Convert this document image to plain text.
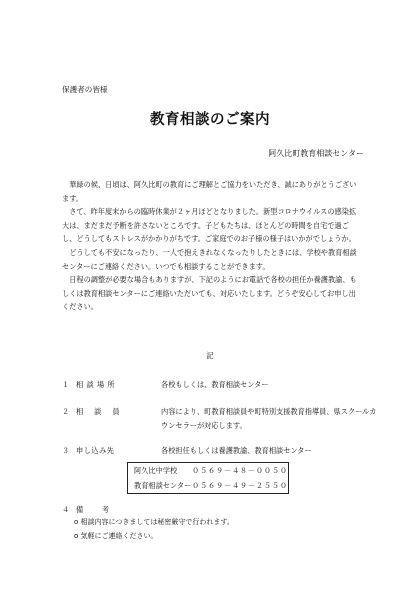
保護者の皆様
教育相談のご案内
阿久比町教育相談センター

華緑の候、日頃は、阿久比町の教育にご理解とご協力をいただき、誠にありがとうございます。

さて、昨年度末からの臨時休業が２ヶ月ほどとなりました。新型コロナウイルスの感染拡大は、まだまだ予断を許さないところです。子どもたちは、ほとんどの時間を自宅で過ごし、どうしてもストレスがかかりがちです。ご家庭でのお子様の様子はいかがでしょうか。

どうしても不安になったり、一人で抱えきれなくなったりしたときには、学校や教育相談センターにご連絡ください。いつでも相談することができます。

日程の調整が必要な場合もありますが、下記のようにお電話で各校の担任か養護教諭、もしくは教育相談センターにご連絡いただいても、対応いたします。どうぞ安心してお申し出ください。

記
１ 相 談 場 所	各校もしくは、教育相談センター
２ 相 　談 　員	内容により、町教育相談員や町特別支援教育指導員、県スクールカウンセラーが対応します。
３ 申し込み先	各校担任もしくは養護教諭、教育相談センター
阿久比中学校	０５６９－４８－００５０
教育相談センター ０５６９－４９－２５５０
４ 備 　　考
o 相談内容につきましては秘密厳守で行われます。
o 気軽にご連絡ください。
